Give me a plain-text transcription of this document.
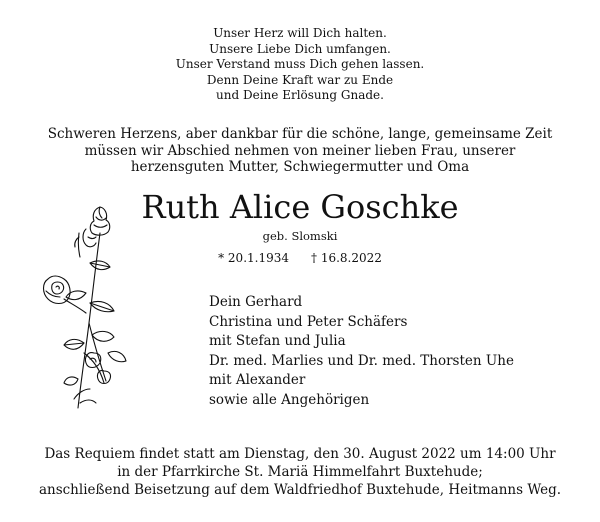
Unser Herz will Dich halten.
Unsere Liebe Dich umfangen.
Unser Verstand muss Dich gehen lassen.
Denn Deine Kraft war zu Ende
und Deine Erlösung Gnade.
Schweren Herzens, aber dankbar für die schöne, lange, gemeinsame Zeit
müssen wir Abschied nehmen von meiner lieben Frau, unserer
herzensguten Mutter, Schwiegermutter und Oma
Ruth Alice Goschke
geb. Slomski
* 20.1.1934 † 16.8.2022
Dein Gerhard
Christina und Peter Schäfers
mit Stefan und Julia
Dr. med. Marlies und Dr. med. Thorsten Uhe
mit Alexander
sowie alle Angehörigen
Das Requiem findet statt am Dienstag, den 30. August 2022 um 14:00 Uhr
in der Pfarrkirche St. Mariä Himmelfahrt Buxtehude;
anschließend Beisetzung auf dem Waldfriedhof Buxtehude, Heitmanns Weg.
